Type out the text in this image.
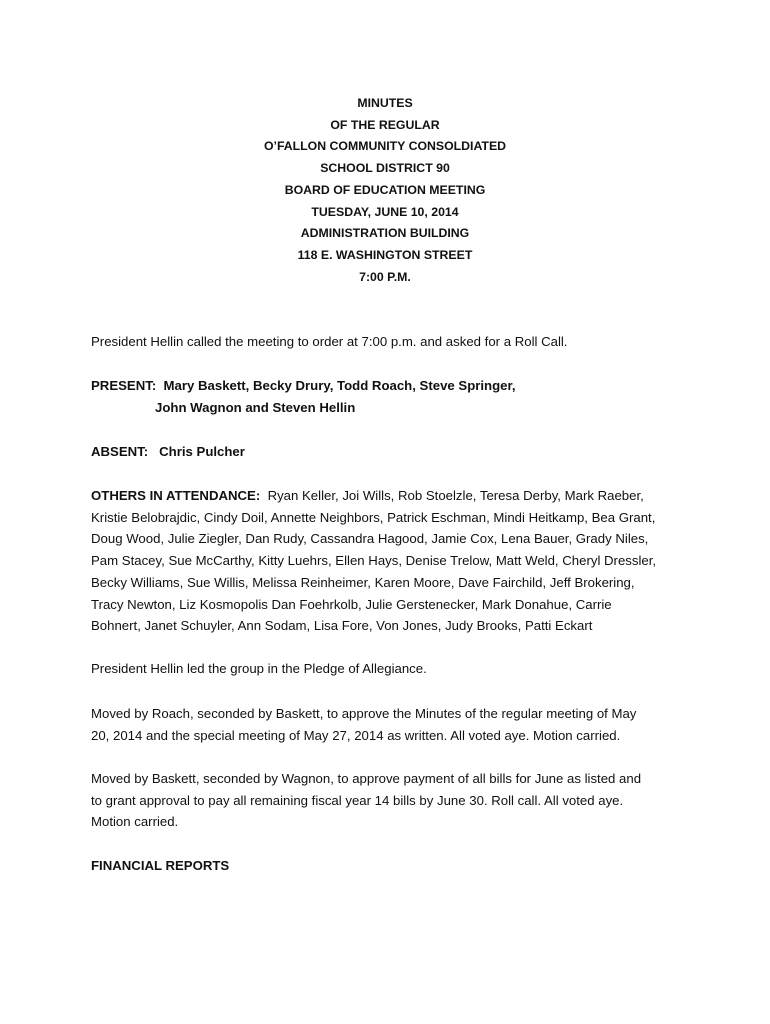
MINUTES
OF THE REGULAR
O’FALLON COMMUNITY CONSOLDIATED
SCHOOL DISTRICT 90
BOARD OF EDUCATION MEETING
TUESDAY, JUNE 10, 2014
ADMINISTRATION BUILDING
118 E. WASHINGTON STREET
7:00 P.M.
President Hellin called the meeting to order at 7:00 p.m. and asked for a Roll Call.
PRESENT: Mary Baskett, Becky Drury, Todd Roach, Steve Springer,
John Wagnon and Steven Hellin
ABSENT: Chris Pulcher
OTHERS IN ATTENDANCE: Ryan Keller, Joi Wills, Rob Stoelzle, Teresa Derby, Mark Raeber,
Kristie Belobrajdic, Cindy Doil, Annette Neighbors, Patrick Eschman, Mindi Heitkamp, Bea Grant,
Doug Wood, Julie Ziegler, Dan Rudy, Cassandra Hagood, Jamie Cox, Lena Bauer, Grady Niles,
Pam Stacey, Sue McCarthy, Kitty Luehrs, Ellen Hays, Denise Trelow, Matt Weld, Cheryl Dressler,
Becky Williams, Sue Willis, Melissa Reinheimer, Karen Moore, Dave Fairchild, Jeff Brokering,
Tracy Newton, Liz Kosmopolis Dan Foehrkolb, Julie Gerstenecker, Mark Donahue, Carrie
Bohnert, Janet Schuyler, Ann Sodam, Lisa Fore, Von Jones, Judy Brooks, Patti Eckart
President Hellin led the group in the Pledge of Allegiance.
Moved by Roach, seconded by Baskett, to approve the Minutes of the regular meeting of May
20, 2014 and the special meeting of May 27, 2014 as written. All voted aye. Motion carried.
Moved by Baskett, seconded by Wagnon, to approve payment of all bills for June as listed and
to grant approval to pay all remaining fiscal year 14 bills by June 30. Roll call. All voted aye.
Motion carried.
FINANCIAL REPORTS
